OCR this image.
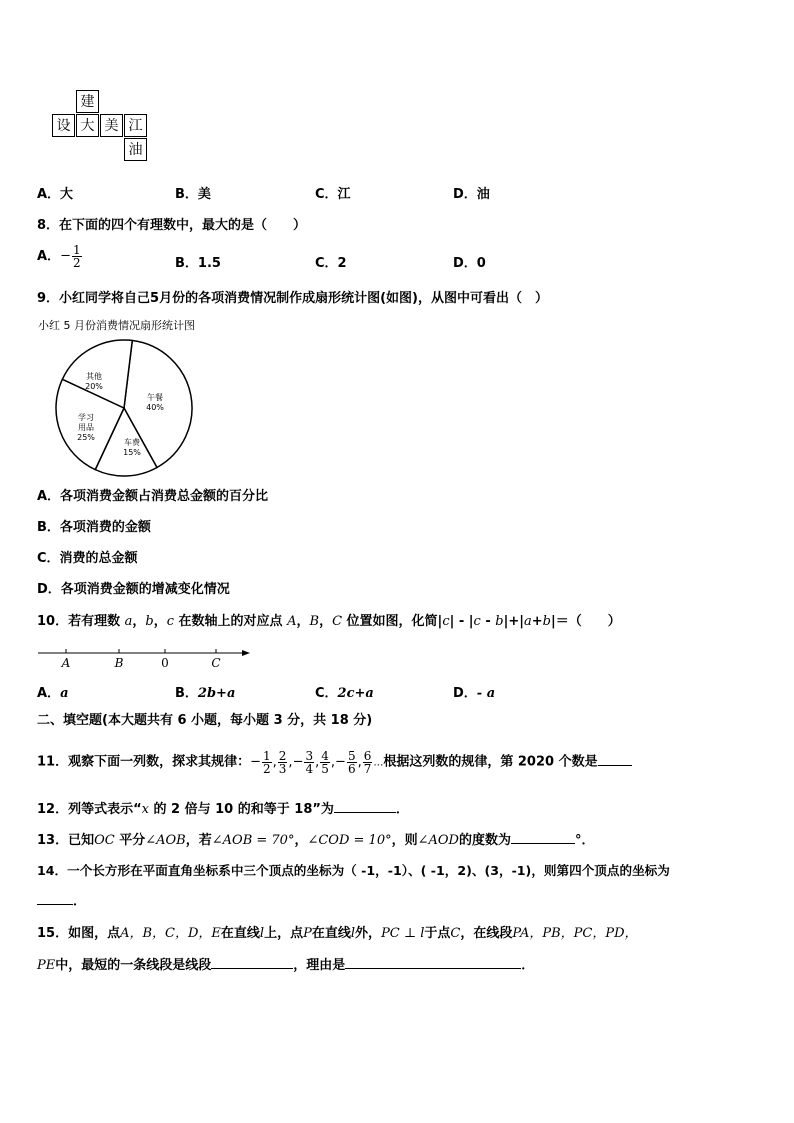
建
设 大 美 江
油
A．大	B．美	C．江	D．油
8．在下面的四个有理数中，最大的是（　　）
A．− $\frac{1}{2}$	B．1.5	C．2	D．0
9．小红同学将自己5月份的各项消费情况制作成扇形统计图(如图)，从图中可看出（　）
小红 5 月份消费情况扇形统计图
午餐
40%
车费
15%
学习
用品
25%
其他
20%
A．各项消费金额占消费总金额的百分比
B．各项消费的金额
C．消费的总金额
D．各项消费金额的增减变化情况
10．若有理数 a，b，c 在数轴上的对应点 A，B，C 位置如图，化简|c| - |c - b|+|a+b|＝（　　）
A	B	0	C
A．a	B．2b+a	C．2c+a	D．- a
二、填空题(本大题共有 6 小题，每小题 3 分，共 18 分)
11．观察下面一列数，探求其规律：− $\frac{1}{2}$ , $\frac{2}{3}$ ,− $\frac{3}{4}$ , $\frac{4}{5}$ ,− $\frac{5}{6}$ , $\frac{6}{7}$ …根据这列数的规律，第 2020 个数是
12．列等式表示“x 的 2 倍与 10 的和等于 18”为	．
13．已知OC 平分∠AOB，若∠AOB = 70°，∠COD = 10°，则∠AOD的度数为	°．
14．一个长方形在平面直角坐标系中三个顶点的坐标为（ -1，-1）、( -1，2)、(3，-1)，则第四个顶点的坐标为
．
15．如图，点A，B，C，D，E在直线l上，点P在直线l外，PC ⊥ l于点C，在线段PA，PB，PC，PD，
PE中，最短的一条线段是线段	，理由是	．
